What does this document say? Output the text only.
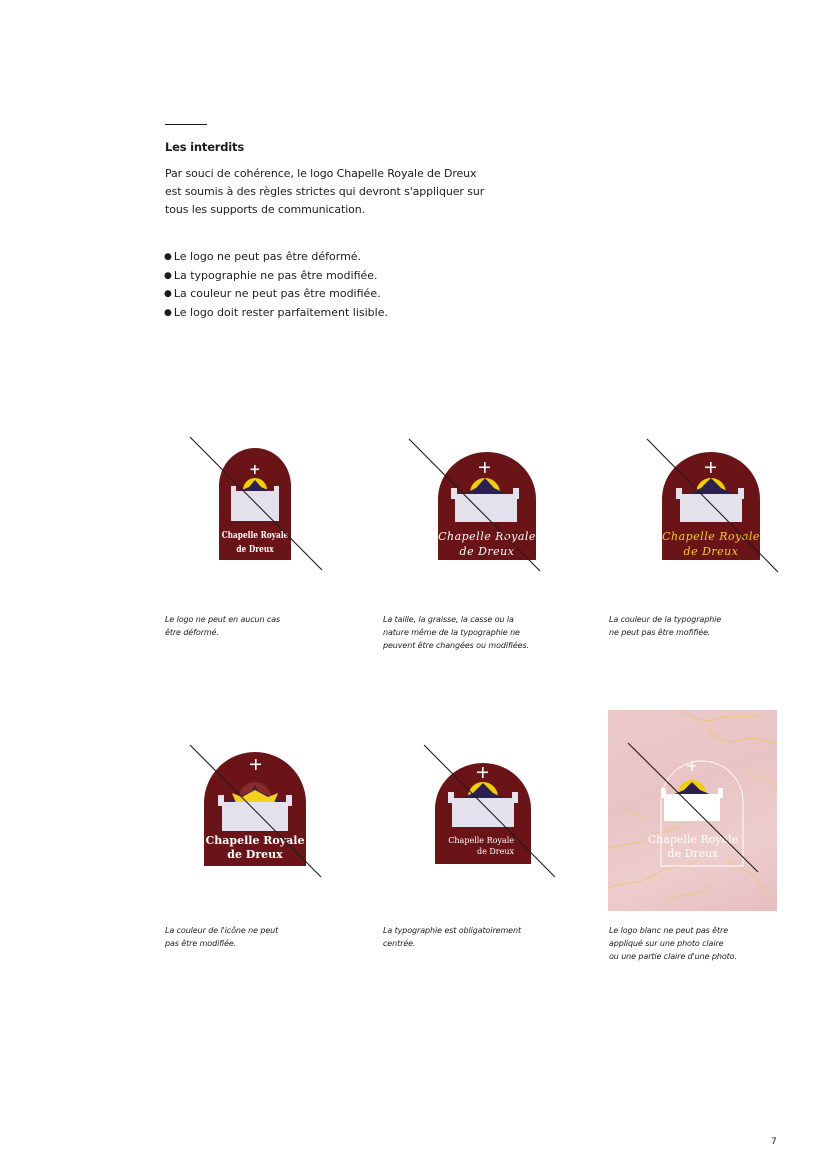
Les interdits
Par souci de cohérence, le logo Chapelle Royale de Dreux
est soumis à des règles strictes qui devront s'appliquer sur
tous les supports de communication.
● Le logo ne peut pas être déformé.
● La typographie ne pas être modifiée.
● La couleur ne peut pas être modifiée.
● Le logo doit rester parfaitement lisible.
Chapelle Royale
de Dreux
Chapelle Royale
de Dreux
Chapelle Royale
de Dreux
Chapelle Royale
de Dreux
Chapelle Royale
de Dreux
Chapelle Royale
de Dreux
Le logo ne peut en aucun cas
être déformé.
La taille, la graisse, la casse ou la
nature même de la typographie ne
peuvent être changées ou modifiées.
La couleur de la typographie
ne peut pas être mofifiée.
La couleur de l'icône ne peut
pas être modifiée.
La typographie est obligatoirement
centrée.
Le logo blanc ne peut pas être
appliqué sur une photo claire
ou une partie claire d'une photo.
7
